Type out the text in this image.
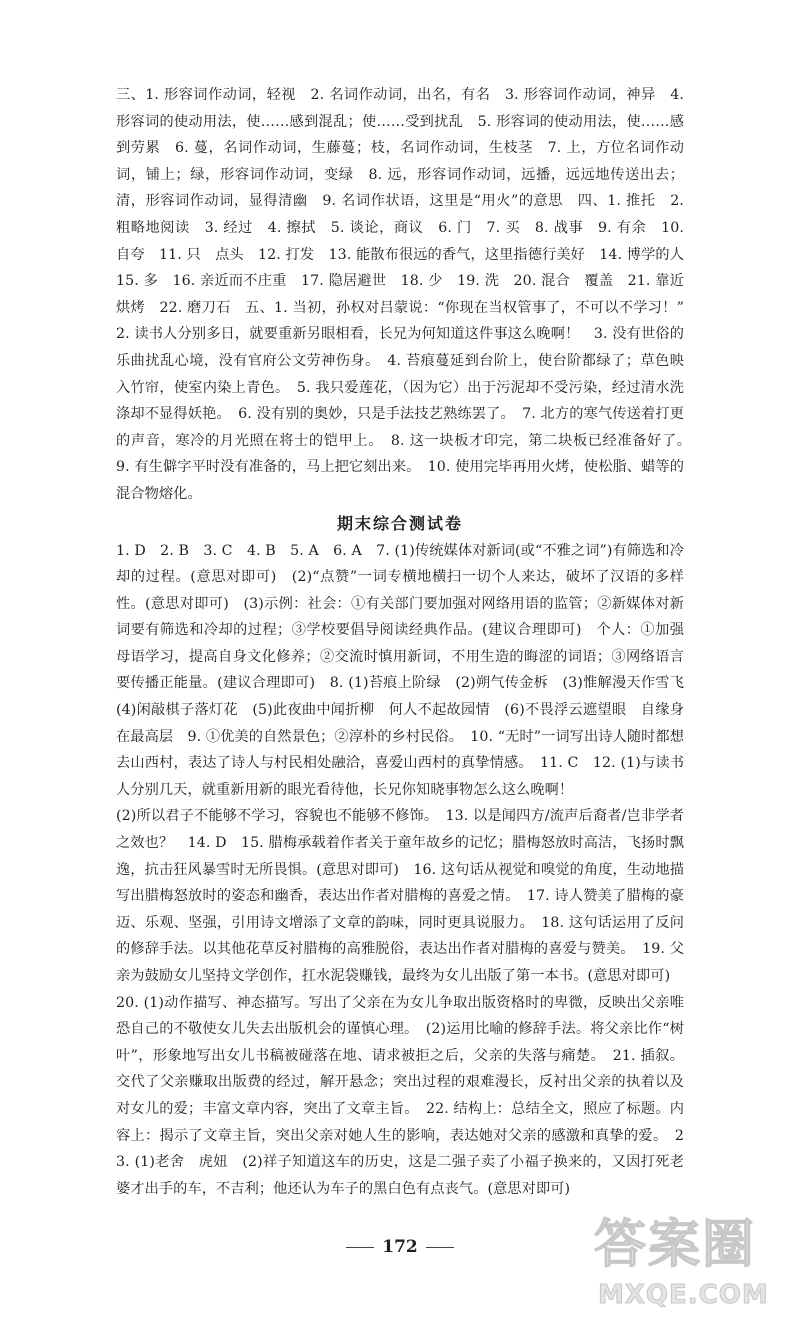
三、1. 形容词作动词，轻视　2. 名词作动词，出名，有名　3. 形容词作动词，神异　4. 形容词的使动用法，使……感到混乱；使……受到扰乱　5. 形容词的使动用法，使……感到劳累　6. 蔓，名词作动词，生藤蔓；枝，名词作动词，生枝茎　7. 上，方位名词作动词，铺上；绿，形容词作动词，变绿　8. 远，形容词作动词，远播，远远地传送出去；清，形容词作动词，显得清幽　9. 名词作状语，这里是“用火”的意思　四、1. 推托　2. 粗略地阅读　3. 经过　4. 擦拭　5. 谈论，商议　6. 门　7. 买　8. 战事　9. 有余　10. 自夸　11. 只　点头　12. 打发　13. 能散布很远的香气，这里指德行美好　14. 博学的人　15. 多　16. 亲近而不庄重　17. 隐居避世　18. 少　19. 洗　20. 混合　覆盖　21. 靠近　烘烤　22. 磨刀石　五、1. 当初，孙权对吕蒙说：“你现在当权管事了，不可以不学习！”　2. 读书人分别多日，就要重新另眼相看，长兄为何知道这件事这么晚啊！　3. 没有世俗的乐曲扰乱心境，没有官府公文劳神伤身。　4. 苔痕蔓延到台阶上，使台阶都绿了；草色映入竹帘，使室内染上青色。　5. 我只爱莲花，（因为它）出于污泥却不受污染，经过清水洗涤却不显得妖艳。　6. 没有别的奥妙，只是手法技艺熟练罢了。　7. 北方的寒气传送着打更的声音，寒冷的月光照在将士的铠甲上。　8. 这一块板才印完，第二块板已经准备好了。　9. 有生僻字平时没有准备的，马上把它刻出来。　10. 使用完毕再用火烤，使松脂、蜡等的混合物熔化。

期末综合测试卷

1. D　2. B　3. C　4. B　5. A　6. A　7. (1)传统媒体对新词(或“不雅之词”)有筛选和冷却的过程。(意思对即可)　(2)“点赞”一词专横地横扫一切个人来达，破坏了汉语的多样性。(意思对即可)　(3)示例：社会：①有关部门要加强对网络用语的监管；②新媒体对新词要有筛选和冷却的过程；③学校要倡导阅读经典作品。(建议合理即可)　个人：①加强母语学习，提高自身文化修养；②交流时慎用新词，不用生造的晦涩的词语；③网络语言要传播正能量。(建议合理即可)　8. (1)苔痕上阶绿　(2)朔气传金柝　(3)惟解漫天作雪飞　(4)闲敲棋子落灯花　(5)此夜曲中闻折柳　何人不起故园情　(6)不畏浮云遮望眼　自缘身在最高层　9. ①优美的自然景色；②淳朴的乡村民俗。　10. “无时”一词写出诗人随时都想去山西村，表达了诗人与村民相处融洽，喜爱山西村的真挚情感。　11. C　12. (1)与读书人分别几天，就重新用新的眼光看待他，长兄你知晓事物怎么这么晚啊！

(2)所以君子不能够不学习，容貌也不能够不修饰。　13. 以是闻四方/流声后裔者/岂非学者之效也？　14. D　15. 腊梅承载着作者关于童年故乡的记忆；腊梅怒放时高洁，飞扬时飘逸，抗击狂风暴雪时无所畏惧。(意思对即可)　16. 这句话从视觉和嗅觉的角度，生动地描写出腊梅怒放时的姿态和幽香，表达出作者对腊梅的喜爱之情。　17. 诗人赞美了腊梅的豪迈、乐观、坚强，引用诗文增添了文章的韵味，同时更具说服力。　18. 这句话运用了反问的修辞手法。以其他花草反衬腊梅的高雅脱俗，表达出作者对腊梅的喜爱与赞美。　19. 父亲为鼓励女儿坚持文学创作，扛水泥袋赚钱，最终为女儿出版了第一本书。(意思对即可)

20. (1)动作描写、神态描写。写出了父亲在为女儿争取出版资格时的卑微，反映出父亲唯恐自己的不敬使女儿失去出版机会的谨慎心理。　(2)运用比喻的修辞手法。将父亲比作“树叶”，形象地写出女儿书稿被碰落在地、请求被拒之后，父亲的失落与痛楚。　21. 插叙。交代了父亲赚取出版费的经过，解开悬念；突出过程的艰难漫长，反衬出父亲的执着以及对女儿的爱；丰富文章内容，突出了文章主旨。　22. 结构上：总结全文，照应了标题。内容上：揭示了文章主旨，突出父亲对她人生的影响，表达她对父亲的感激和真挚的爱。　23. (1)老舍　虎妞　(2)祥子知道这车的历史，这是二强子卖了小福子换来的，又因打死老婆才出手的车，不吉利；他还认为车子的黑白色有点丧气。(意思对即可)

172	答案圈
MXQE.COM
